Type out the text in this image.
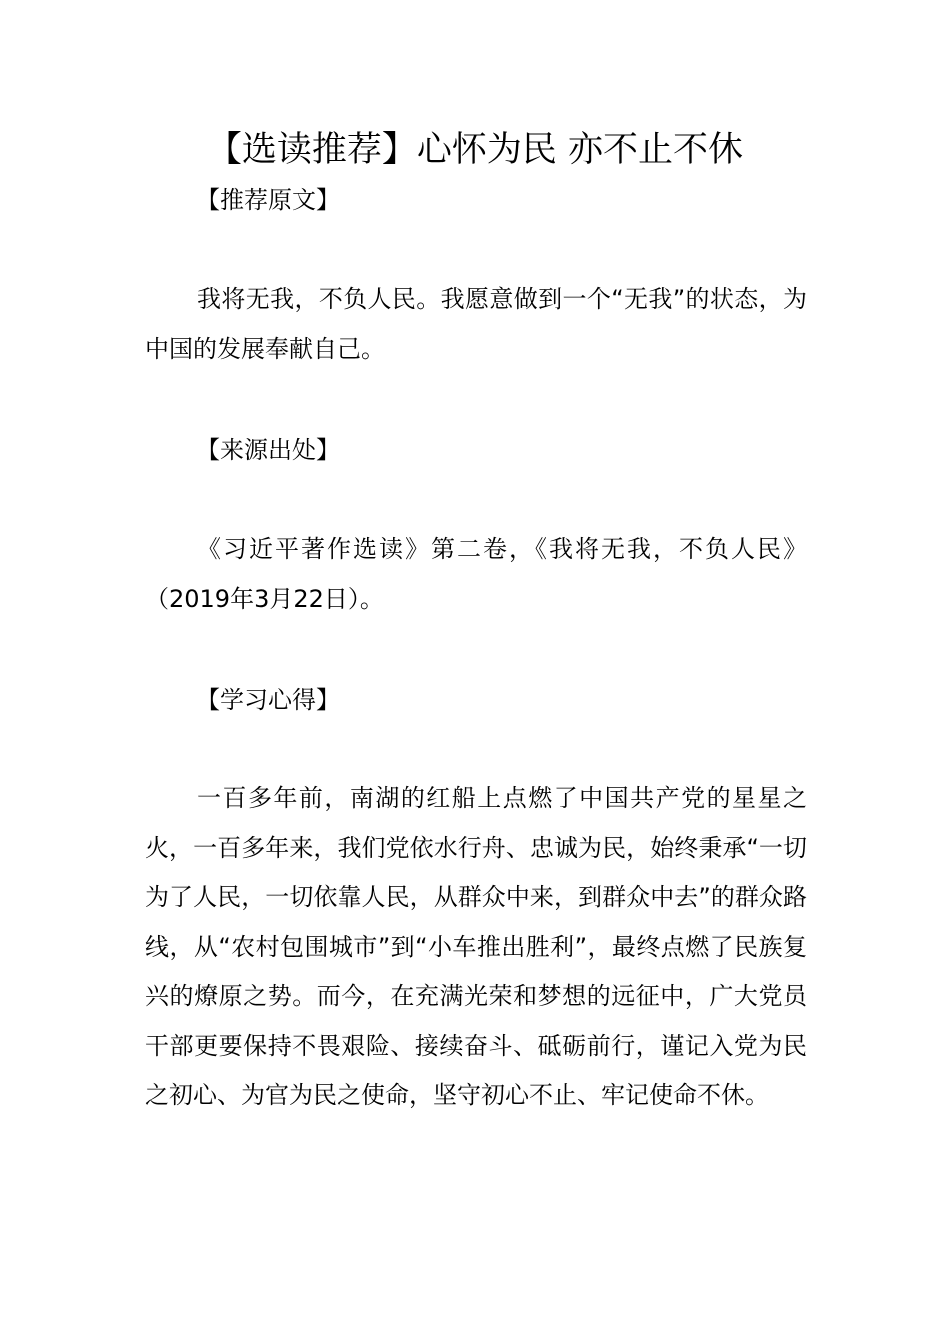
【选读推荐】心怀为民 亦不止不休
【推荐原文】
我将无我，不负人民。我愿意做到一个“无我”的状态，为中国的发展奉献自己。
【来源出处】
《习近平著作选读》第二卷，《我将无我，不负人民》（2019年3月22日）。
【学习心得】
一百多年前，南湖的红船上点燃了中国共产党的星星之火，一百多年来，我们党依水行舟、忠诚为民，始终秉承“一切为了人民，一切依靠人民，从群众中来，到群众中去”的群众路线，从“农村包围城市”到“小车推出胜利”，最终点燃了民族复兴的燎原之势。而今，在充满光荣和梦想的远征中，广大党员干部更要保持不畏艰险、接续奋斗、砥砺前行，谨记入党为民之初心、为官为民之使命，坚守初心不止、牢记使命不休。
